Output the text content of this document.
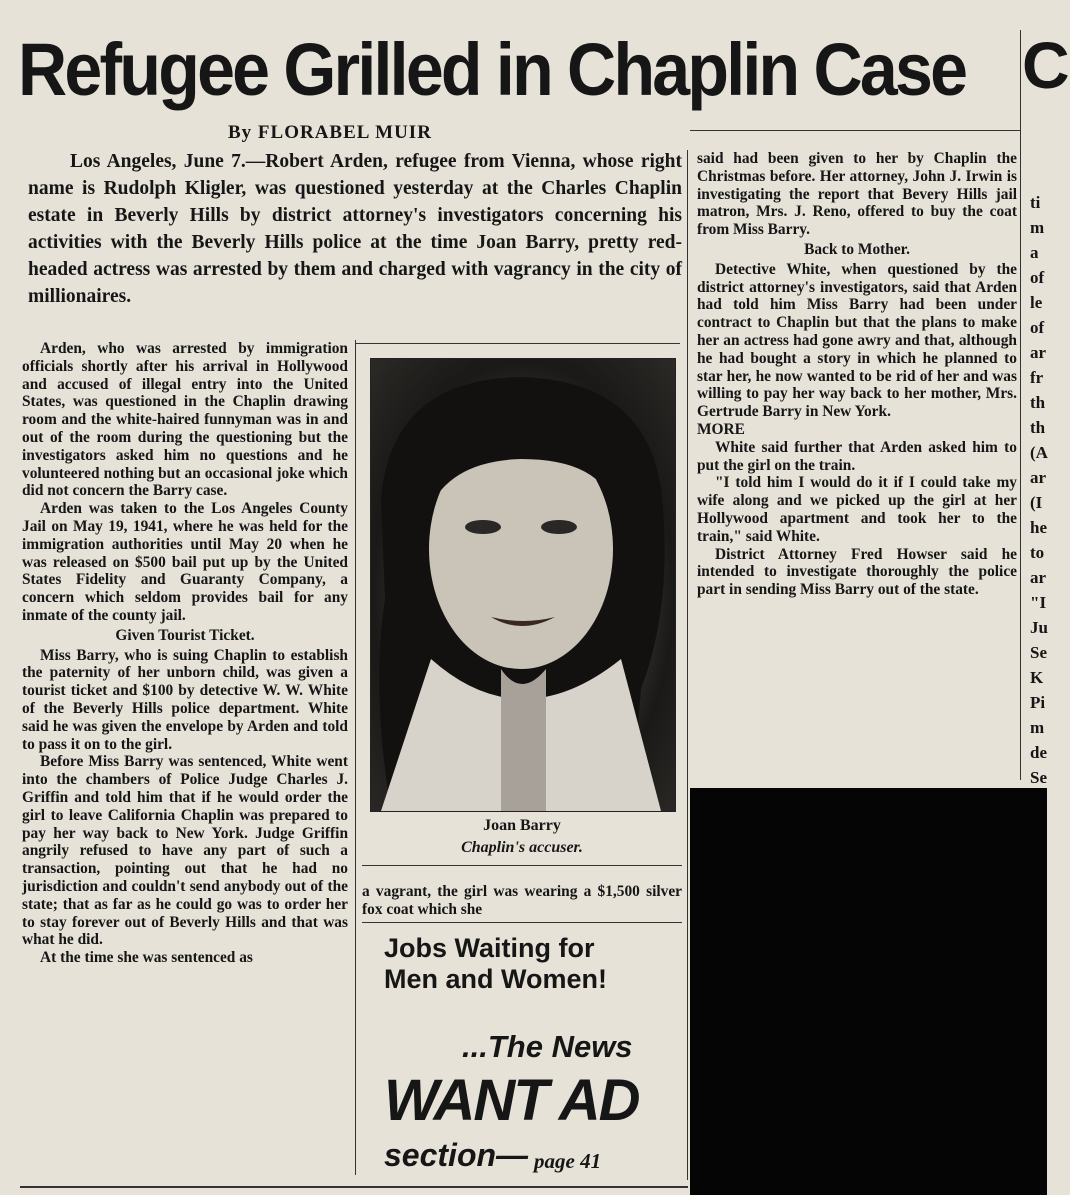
Refugee Grilled in Chaplin Case C
By FLORABEL MUIR
Los Angeles, June 7.—Robert Arden, refugee from Vienna, whose right name is Rudolph Kligler, was questioned yesterday at the Charles Chaplin estate in Beverly Hills by district attorney's investigators concerning his activities with the Beverly Hills police at the time Joan Barry, pretty red-headed actress was arrested by them and charged with vagrancy in the city of millionaires.

Arden, who was arrested by immigration officials shortly after his arrival in Hollywood and accused of illegal entry into the United States, was questioned in the Chaplin drawing room and the white-haired funnyman was in and out of the room during the questioning but the investigators asked him no questions and he volunteered nothing but an occasional joke which did not concern the Barry case.

Arden was taken to the Los Angeles County Jail on May 19, 1941, where he was held for the immigration authorities until May 20 when he was released on $500 bail put up by the United States Fidelity and Guaranty Company, a concern which seldom provides bail for any inmate of the county jail.

Given Tourist Ticket.

Miss Barry, who is suing Chaplin to establish the paternity of her unborn child, was given a tourist ticket and $100 by detective W. W. White of the Beverly Hills police department. White said he was given the envelope by Arden and told to pass it on to the girl.

Before Miss Barry was sentenced, White went into the chambers of Police Judge Charles J. Griffin and told him that if he would order the girl to leave California Chaplin was prepared to pay her way back to New York. Judge Griffin angrily refused to have any part of such a transaction, pointing out that he had no jurisdiction and couldn't send anybody out of the state; that as far as he could go was to order her to stay forever out of Beverly Hills and that was what he did.

At the time she was sentenced as

Joan Barry
Chaplin's accuser.

a vagrant, the girl was wearing a $1,500 silver fox coat which she

Jobs Waiting for
Men and Women!
...The News
WANT AD
section— page 41

said had been given to her by Chaplin the Christmas before. Her attorney, John J. Irwin is investigating the report that Bevery Hills jail matron, Mrs. J. Reno, offered to buy the coat from Miss Barry.

Back to Mother.

Detective White, when questioned by the district attorney's investigators, said that Arden had told him Miss Barry had been under contract to Chaplin but that the plans to make her an actress had gone awry and that, although he had bought a story in which he planned to star her, he now wanted to be rid of her and was willing to pay her way back to her mother, Mrs. Gertrude Barry in New York.

MORE

White said further that Arden asked him to put the girl on the train.

"I told him I would do it if I could take my wife along and we picked up the girl at her Hollywood apartment and took her to the train," said White.

District Attorney Fred Howser said he intended to investigate thoroughly the police part in sending Miss Barry out of the state.

ti
m
a
of
le
of
ar
fr
th
th
(A
ar
(I
he
to
ar
"I
Ju
Se
K
Pi
m
de
Se
